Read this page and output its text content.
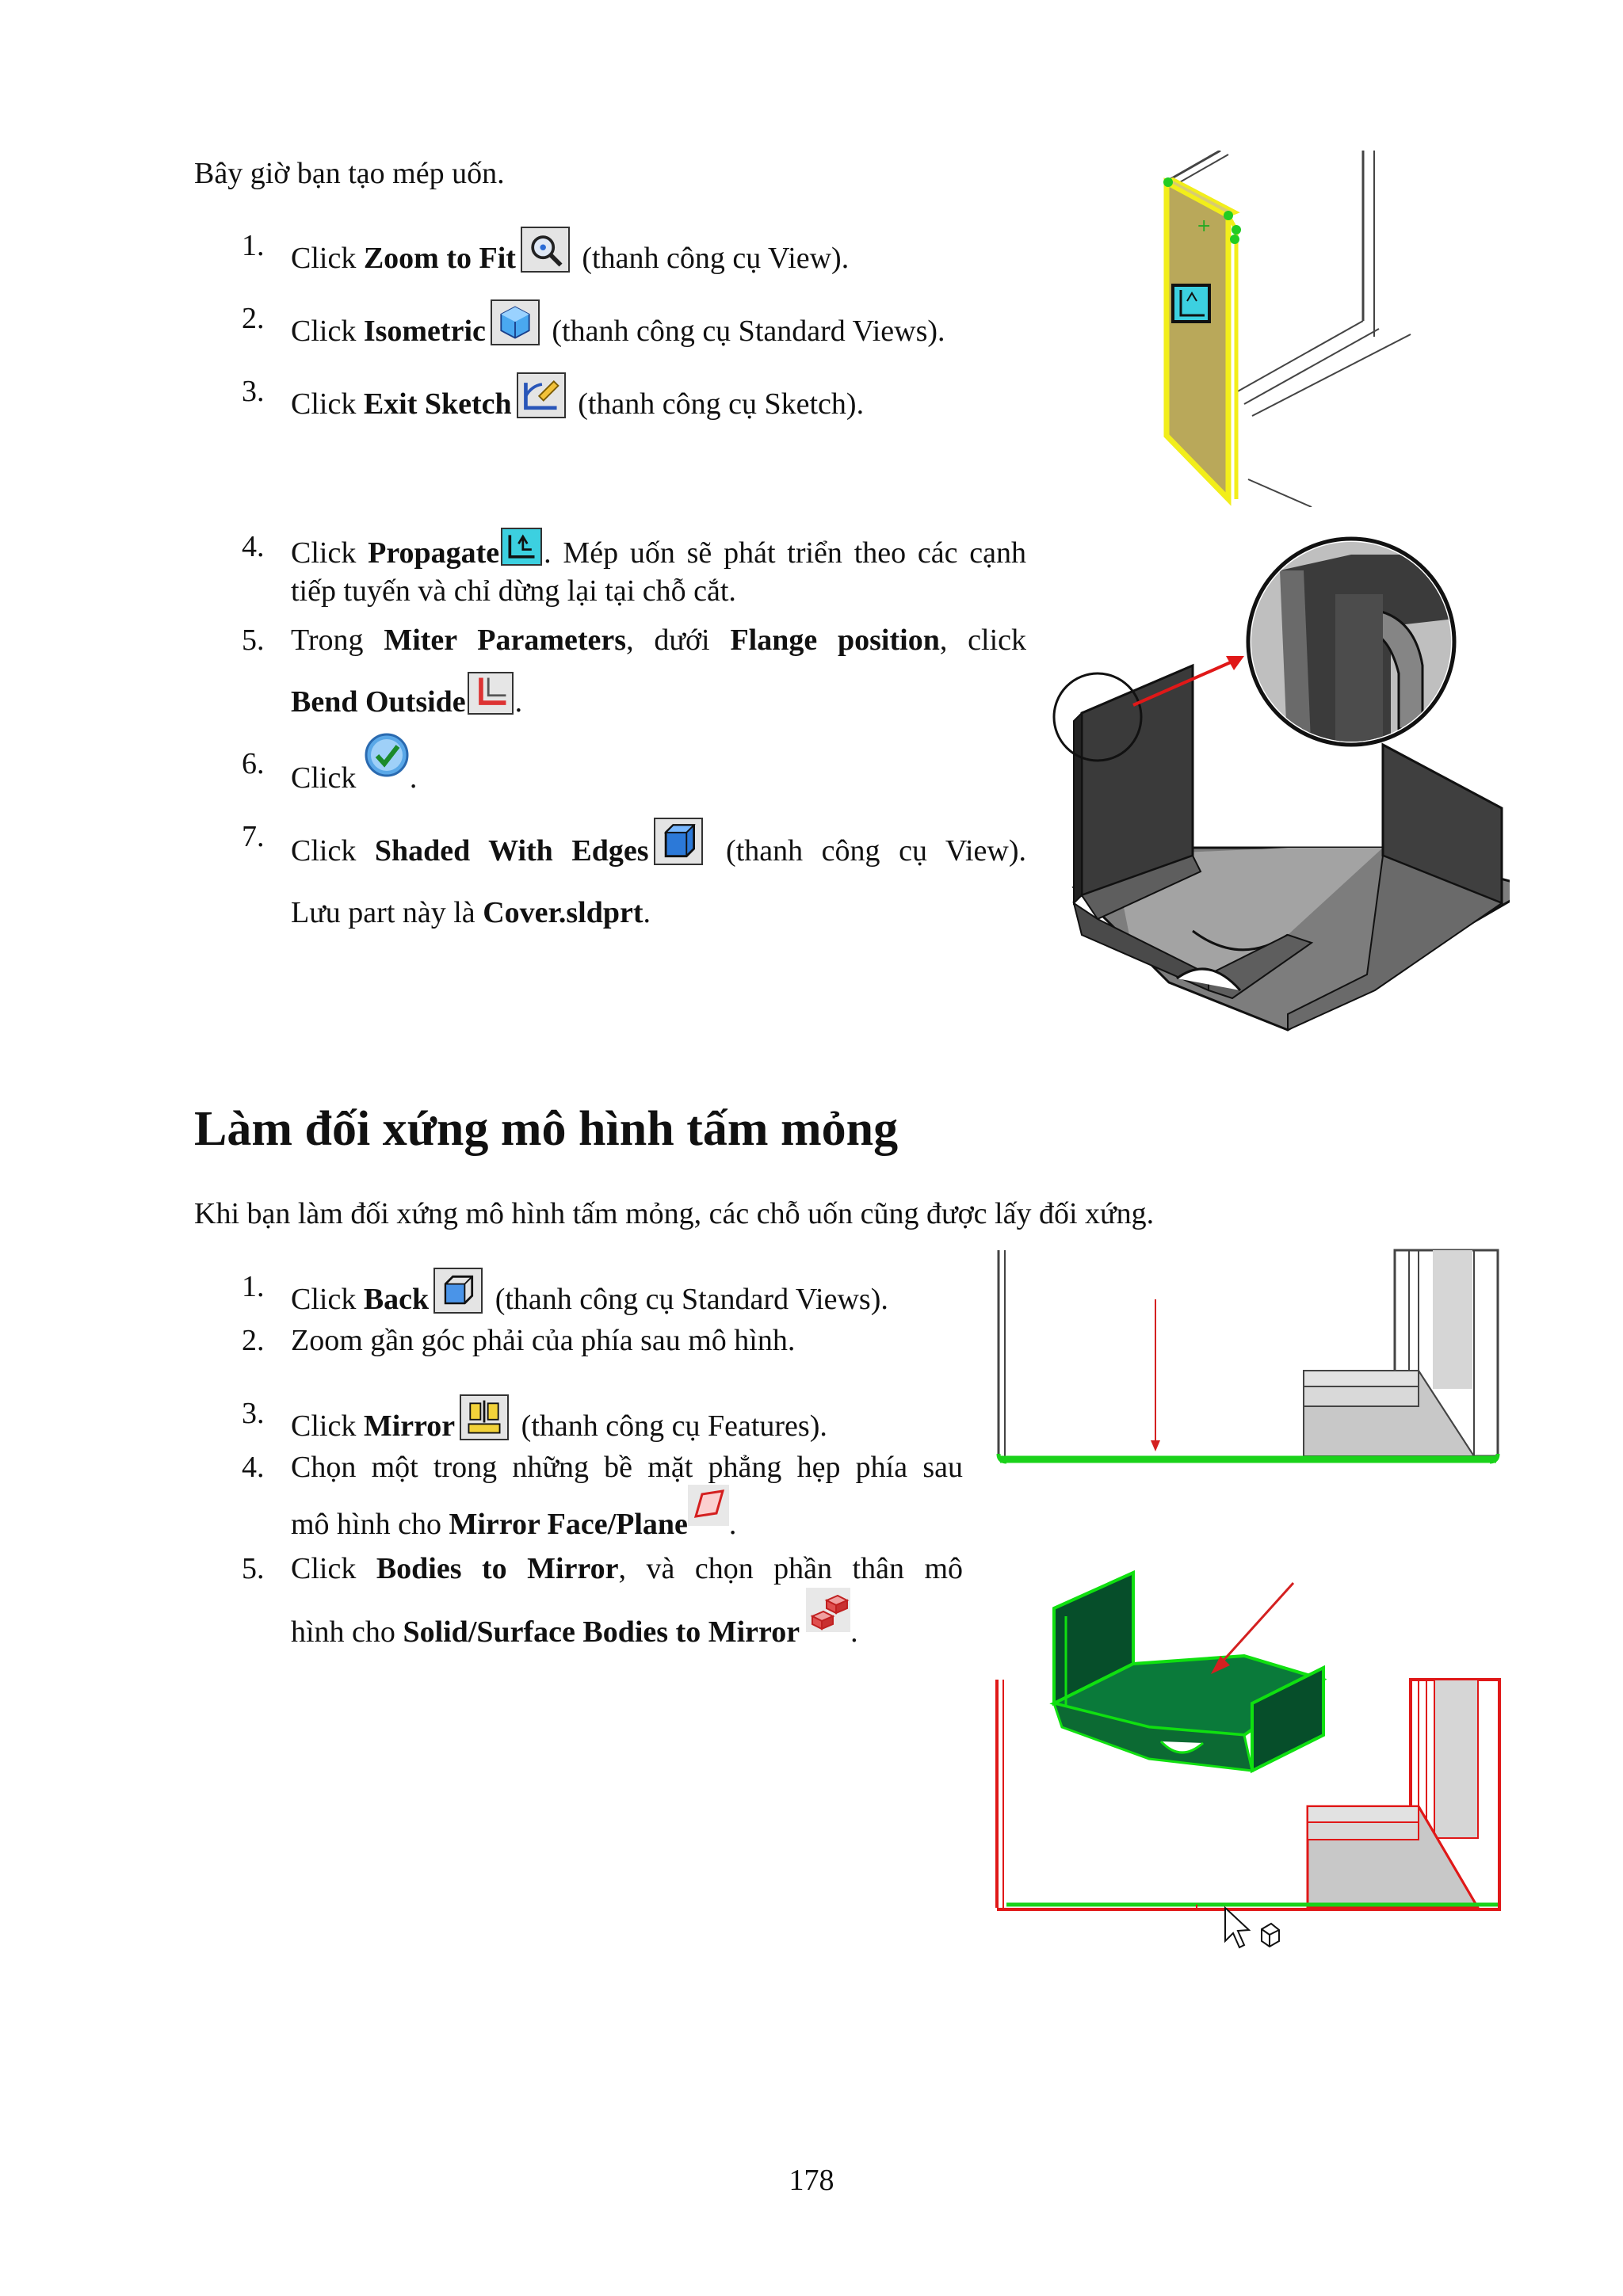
Bây giờ bạn tạo mép uốn.
1. Click Zoom to Fit
(thanh công cụ View).
2. Click Isometric
(thanh công cụ Standard Views).
3. Click Exit Sketch
(thanh công cụ Sketch).
4. Click Propagate . Mép uốn sẽ phát triển theo các cạnh tiếp tuyến và chỉ dừng lại tại chỗ cắt.
5. Trong Miter Parameters, dưới Flange position, click
Bend Outside .
6. Click .
7. Click Shaded With Edges
(thanh công cụ View).
Lưu part này là Cover.sldprt.
+
Làm đối xứng mô hình tấm mỏng
Khi bạn làm đối xứng mô hình tấm mỏng, các chỗ uốn cũng được lấy đối xứng.
1. Click Back
(thanh công cụ Standard Views).
2. Zoom gần góc phải của phía sau mô hình.
3. Click Mirror
(thanh công cụ Features).
4. Chọn một trong những bề mặt phẳng hẹp phía sau
mô hình cho Mirror Face/Plane .
5. Click Bodies to Mirror, và chọn phần thân mô
hình cho Solid/Surface Bodies to Mirror .
178
